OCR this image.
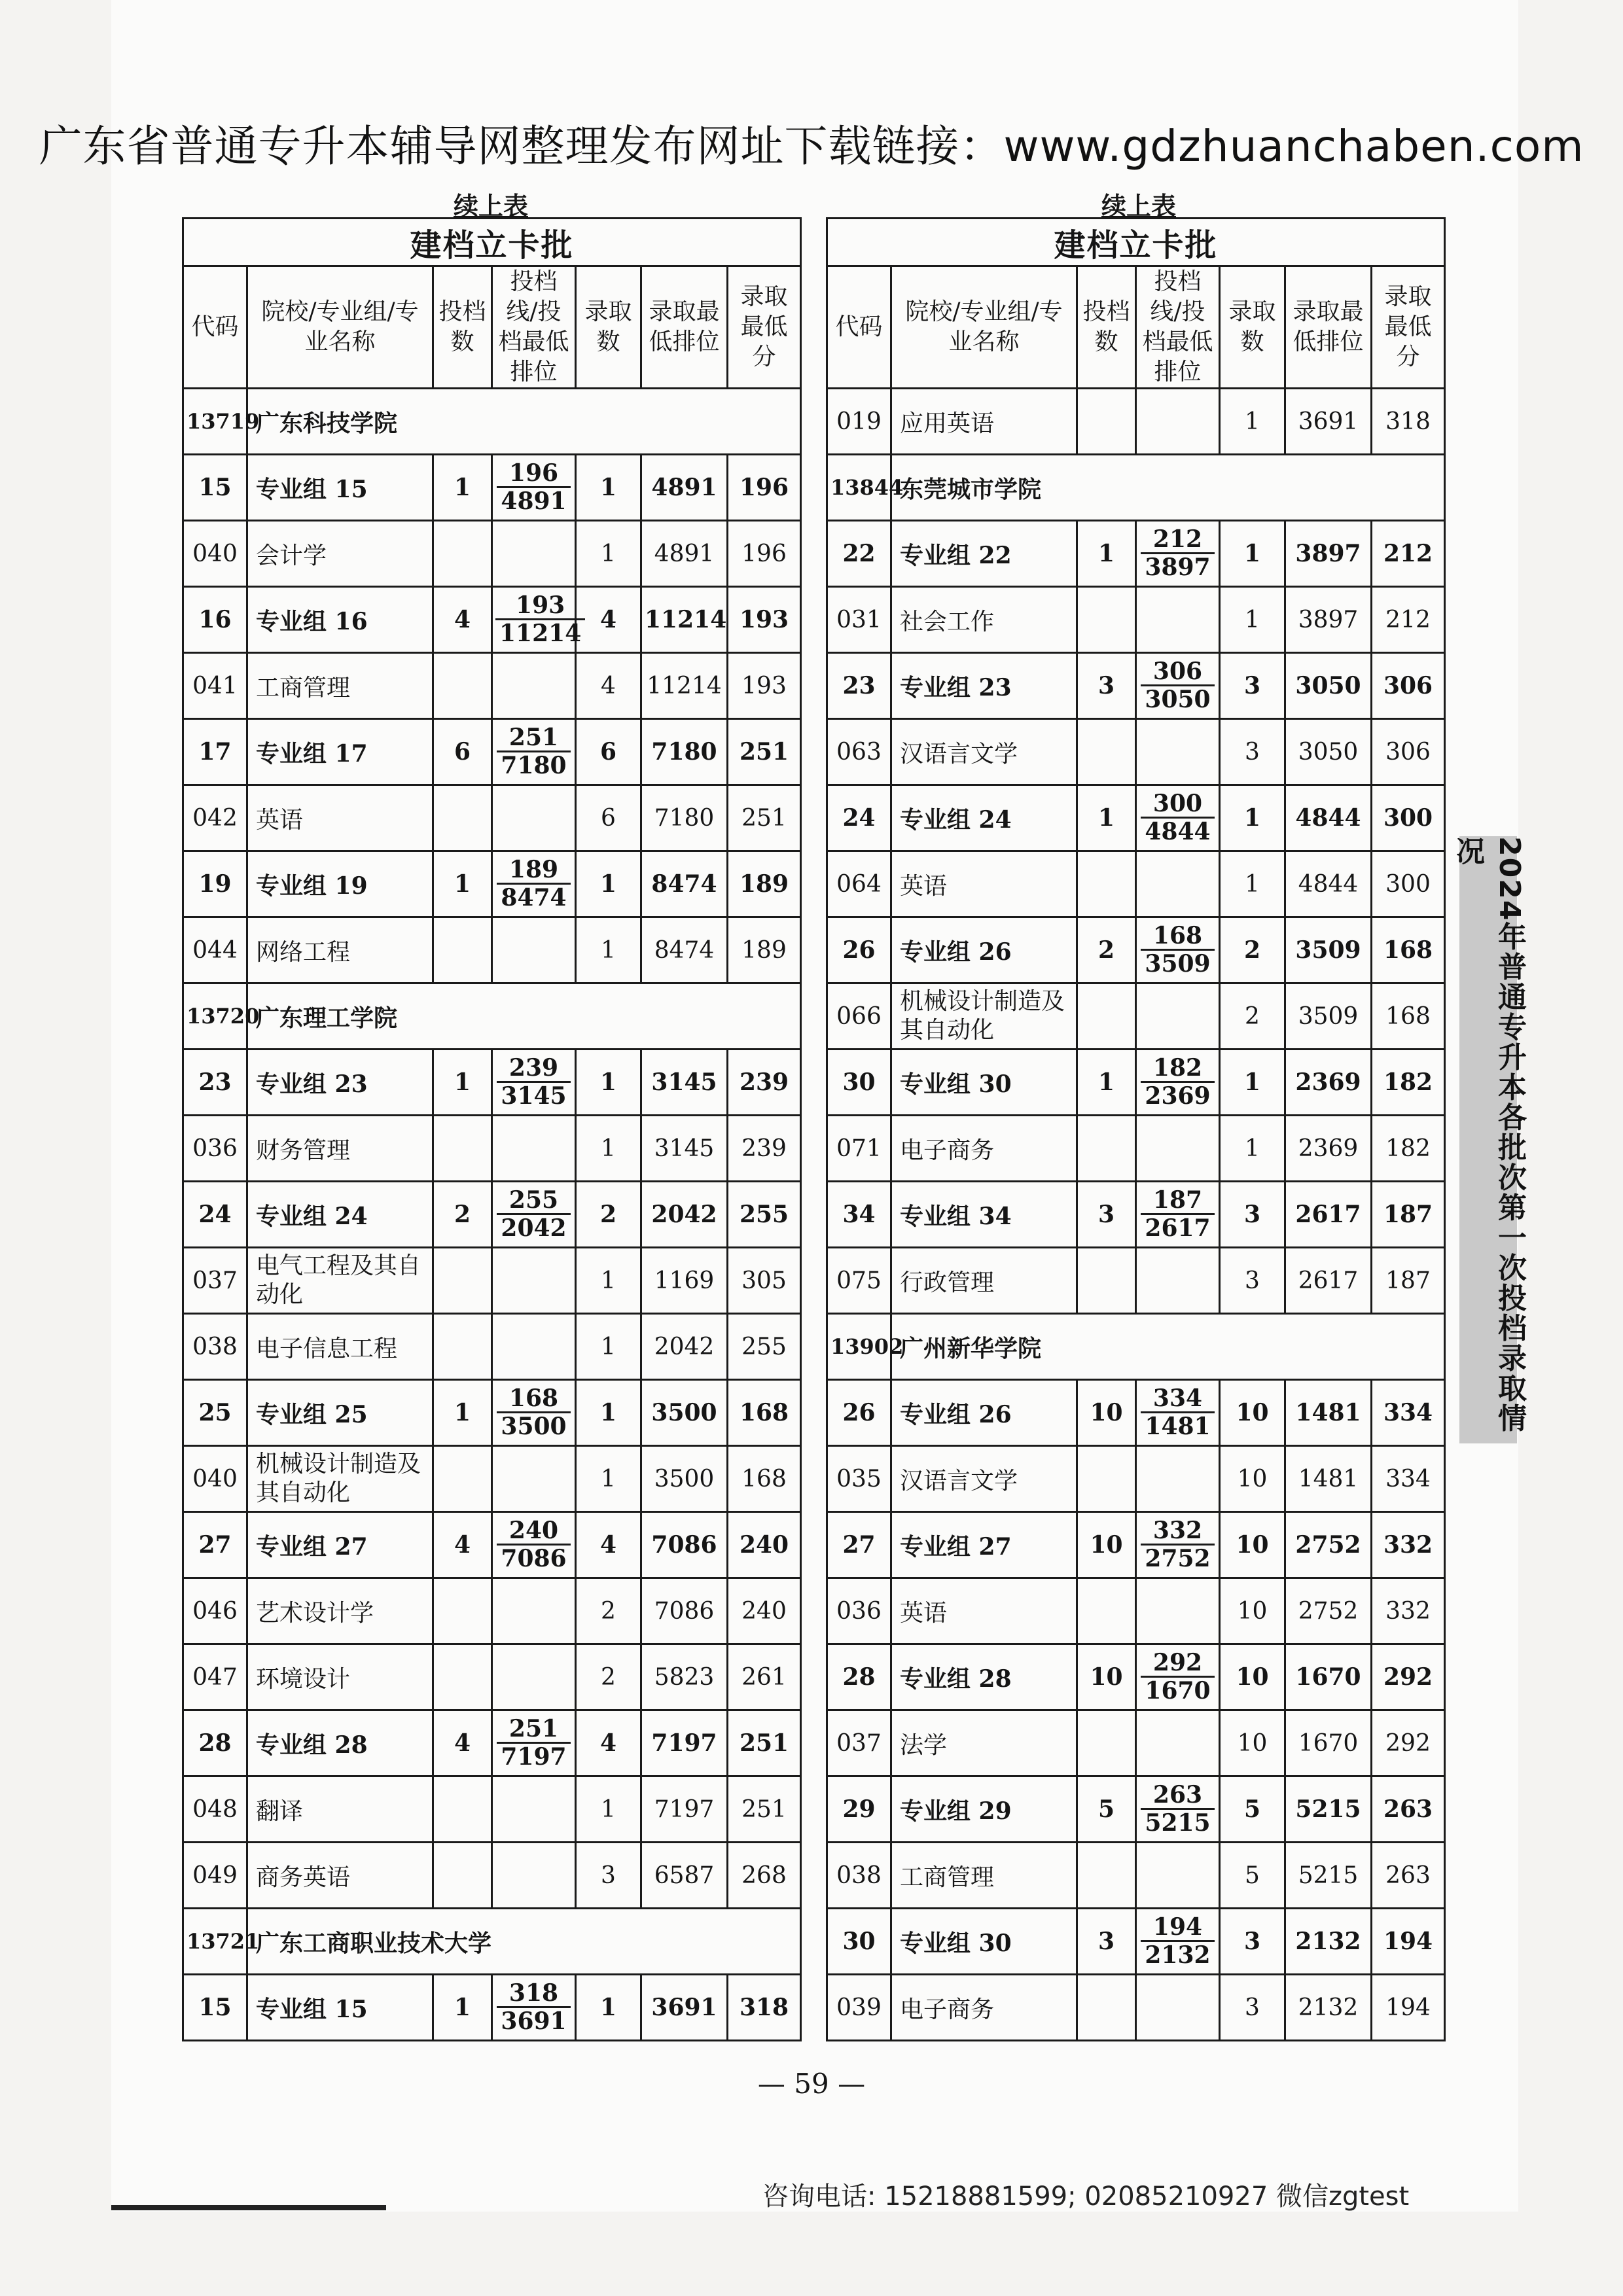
广东省普通专升本辅导网整理发布网址下载链接：www.gdzhuanchaben.com
续上表	续上表
建档立卡批						
代码	院校/专业组/专业名称	投档数	投档线/投档最低排位	录取数	录取最低排位	录取最低分
13719	广东科技学院					
15	专业组 15	1	$\frac{196}{4891}$	1	4891	196
040	会计学			1	4891	196
16	专业组 16	4	$\frac{193}{11214}$	4	11214	193
041	工商管理			4	11214	193
17	专业组 17	6	$\frac{251}{7180}$	6	7180	251
042	英语			6	7180	251
19	专业组 19	1	$\frac{189}{8474}$	1	8474	189
044	网络工程			1	8474	189
13720	广东理工学院					
23	专业组 23	1	$\frac{239}{3145}$	1	3145	239
036	财务管理			1	3145	239
24	专业组 24	2	$\frac{255}{2042}$	2	2042	255
037	电气工程及其自动化			1	1169	305
038	电子信息工程			1	2042	255
25	专业组 25	1	$\frac{168}{3500}$	1	3500	168
040	机械设计制造及其自动化			1	3500	168
27	专业组 27	4	$\frac{240}{7086}$	4	7086	240
046	艺术设计学			2	7086	240
047	环境设计			2	5823	261
28	专业组 28	4	$\frac{251}{7197}$	4	7197	251
048	翻译			1	7197	251
049	商务英语			3	6587	268
13721	广东工商职业技术大学					
15	专业组 15	1	$\frac{318}{3691}$	1	3691	318
建档立卡批						
代码	院校/专业组/专业名称	投档数	投档线/投档最低排位	录取数	录取最低排位	录取最低分
019	应用英语			1	3691	318
13844	东莞城市学院					
22	专业组 22	1	$\frac{212}{3897}$	1	3897	212
031	社会工作			1	3897	212
23	专业组 23	3	$\frac{306}{3050}$	3	3050	306
063	汉语言文学			3	3050	306
24	专业组 24	1	$\frac{300}{4844}$	1	4844	300
064	英语			1	4844	300
26	专业组 26	2	$\frac{168}{3509}$	2	3509	168
066	机械设计制造及其自动化			2	3509	168
30	专业组 30	1	$\frac{182}{2369}$	1	2369	182
071	电子商务			1	2369	182
34	专业组 34	3	$\frac{187}{2617}$	3	2617	187
075	行政管理			3	2617	187
13902	广州新华学院					
26	专业组 26	10	$\frac{334}{1481}$	10	1481	334
035	汉语言文学			10	1481	334
27	专业组 27	10	$\frac{332}{2752}$	10	2752	332
036	英语			10	2752	332
28	专业组 28	10	$\frac{292}{1670}$	10	1670	292
037	法学			10	1670	292
29	专业组 29	5	$\frac{263}{5215}$	5	5215	263
038	工商管理			5	5215	263
30	专业组 30	3	$\frac{194}{2132}$	3	2132	194
039	电子商务			3	2132	194
2024年普通专升本各批次第一次投档录取情况
— 59 —
咨询电话: 15218881599; 02085210927 微信zgtest
